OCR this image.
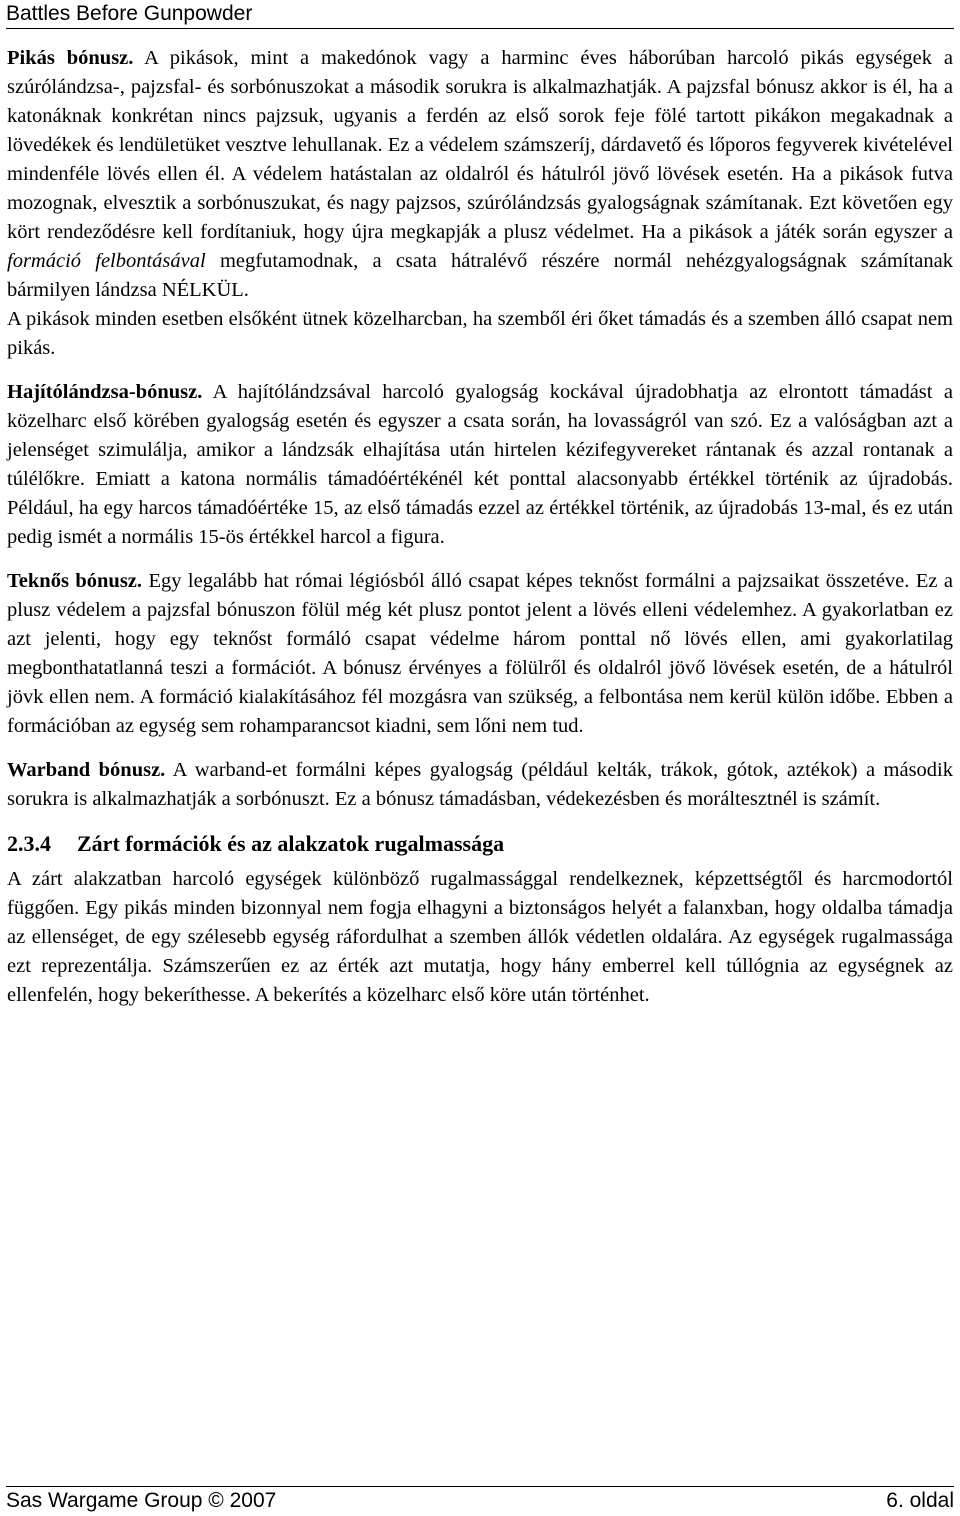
Battles Before Gunpowder

Pikás bónusz. A pikások, mint a makedónok vagy a harminc éves háborúban harcoló pikás egységek a szúrólándzsa-, pajzsfal- és sorbónuszokat a második sorukra is alkalmazhatják. A pajzsfal bónusz akkor is él, ha a katonáknak konkrétan nincs pajzsuk, ugyanis a ferdén az első sorok feje fölé tartott pikákon megakadnak a lövedékek és lendületüket vesztve lehullanak. Ez a védelem számszeríj, dárdavető és lőporos fegyverek kivételével mindenféle lövés ellen él. A védelem hatástalan az oldalról és hátulról jövő lövések esetén. Ha a pikások futva mozognak, elvesztik a sorbónuszukat, és nagy pajzsos, szúrólándzsás gyalogságnak számítanak. Ezt követően egy kört rendeződésre kell fordítaniuk, hogy újra megkapják a plusz védelmet. Ha a pikások a játék során egyszer a formáció felbontásával megfutamodnak, a csata hátralévő részére normál nehézgyalogságnak számítanak bármilyen lándzsa NÉLKÜL.

A pikások minden esetben elsőként ütnek közelharcban, ha szemből éri őket támadás és a szemben álló csapat nem pikás.

Hajítólándzsa-bónusz. A hajítólándzsával harcoló gyalogság kockával újradobhatja az elrontott támadást a közelharc első körében gyalogság esetén és egyszer a csata során, ha lovasságról van szó. Ez a valóságban azt a jelenséget szimulálja, amikor a lándzsák elhajítása után hirtelen kézifegyvereket rántanak és azzal rontanak a túlélőkre. Emiatt a katona normális támadóértékénél két ponttal alacsonyabb értékkel történik az újradobás. Például, ha egy harcos támadóértéke 15, az első támadás ezzel az értékkel történik, az újradobás 13-mal, és ez után pedig ismét a normális 15-ös értékkel harcol a figura.

Teknős bónusz. Egy legalább hat római légiósból álló csapat képes teknőst formálni a pajzsaikat összetéve. Ez a plusz védelem a pajzsfal bónuszon fölül még két plusz pontot jelent a lövés elleni védelemhez. A gyakorlatban ez azt jelenti, hogy egy teknőst formáló csapat védelme három ponttal nő lövés ellen, ami gyakorlatilag megbonthatatlanná teszi a formációt. A bónusz érvényes a fölülről és oldalról jövő lövések esetén, de a hátulról jövk ellen nem. A formáció kialakításához fél mozgásra van szükség, a felbontása nem kerül külön időbe. Ebben a formációban az egység sem rohamparancsot kiadni, sem lőni nem tud.

Warband bónusz. A warband-et formálni képes gyalogság (például kelták, trákok, gótok, aztékok) a második sorukra is alkalmazhatják a sorbónuszt. Ez a bónusz támadásban, védekezésben és moráltesztnél is számít.

2.3.4 Zárt formációk és az alakzatok rugalmassága

A zárt alakzatban harcoló egységek különböző rugalmassággal rendelkeznek, képzettségtől és harcmodortól függően. Egy pikás minden bizonnyal nem fogja elhagyni a biztonságos helyét a falanxban, hogy oldalba támadja az ellenséget, de egy szélesebb egység ráfordulhat a szemben állók védetlen oldalára. Az egységek rugalmassága ezt reprezentálja. Számszerűen ez az érték azt mutatja, hogy hány emberrel kell túllógnia az egységnek az ellenfelén, hogy bekeríthesse. A bekerítés a közelharc első köre után történhet.

Sas Wargame Group © 2007	6. oldal
